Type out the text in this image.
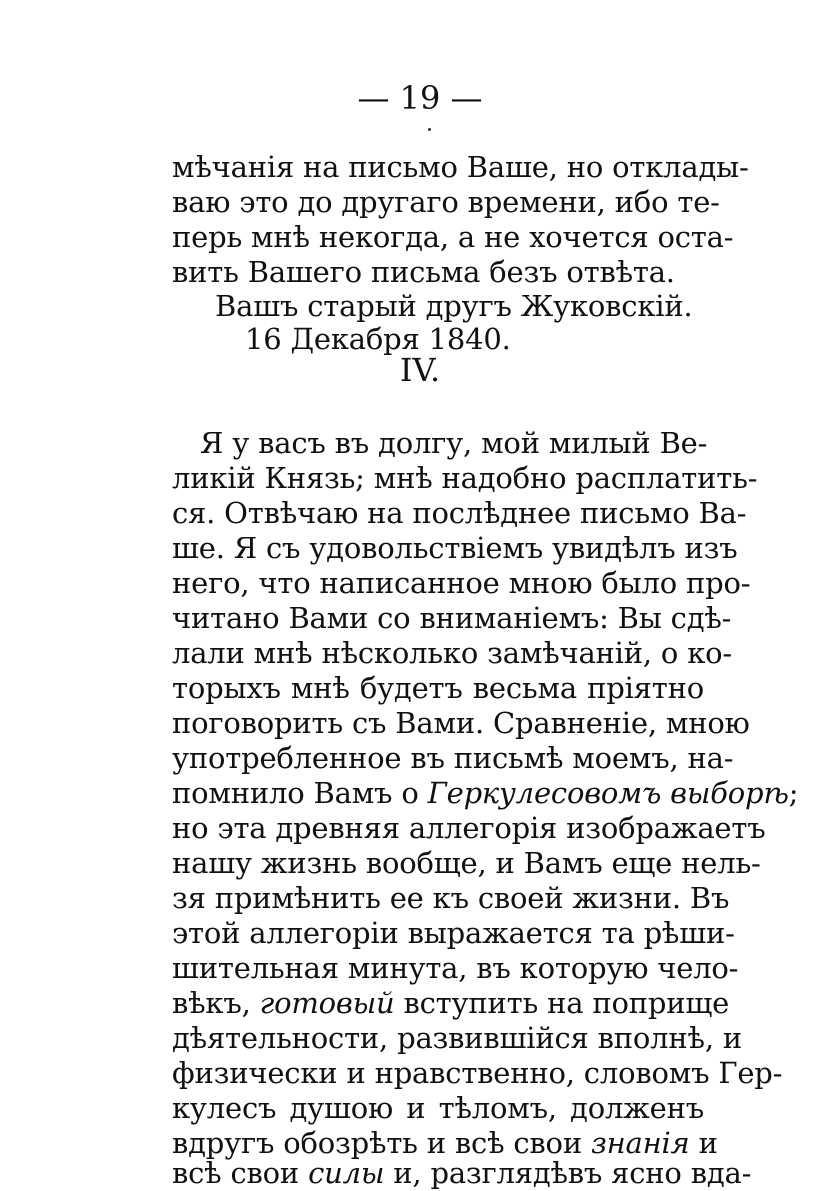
— 19 —
мѣчанія на письмо Ваше, но отклады-
ваю это до другаго времени, ибо те-
перь мнѣ некогда, а не хочется оста-
вить Вашего письма безъ отвѣта.
Вашъ старый другъ Жуковскій.
16 Декабря 1840.
IV.
Я у васъ въ долгу, мой милый Ве-
ликій Князь; мнѣ надобно расплатить-
ся. Отвѣчаю на послѣднее письмо Ва-
ше. Я съ удовольствіемъ увидѣлъ изъ
него, что написанное мною было про-
читано Вами со вниманіемъ: Вы сдѣ-
лали мнѣ нѣсколько замѣчаній, о ко-
торыхъ мнѣ будетъ весьма пріятно
поговорить съ Вами. Сравненіе, мною
употребленное въ письмѣ моемъ, на-
помнило Вамъ о Геркулесовомъ выборѣ;
но эта древняя аллегорія изображаетъ
нашу жизнь вообще, и Вамъ еще нель-
зя примѣнить ее къ своей жизни. Въ
этой аллегоріи выражается та рѣши-
шительная минута, въ которую чело-
вѣкъ, готовый вступить на поприще
дѣятельности, развившійся вполнѣ, и
физически и нравственно, словомъ Гер-
кулесъ душою и тѣломъ, долженъ
вдругъ обозрѣть и всѣ свои знанія и
всѣ свои силы и, разглядѣвъ ясно вда-
